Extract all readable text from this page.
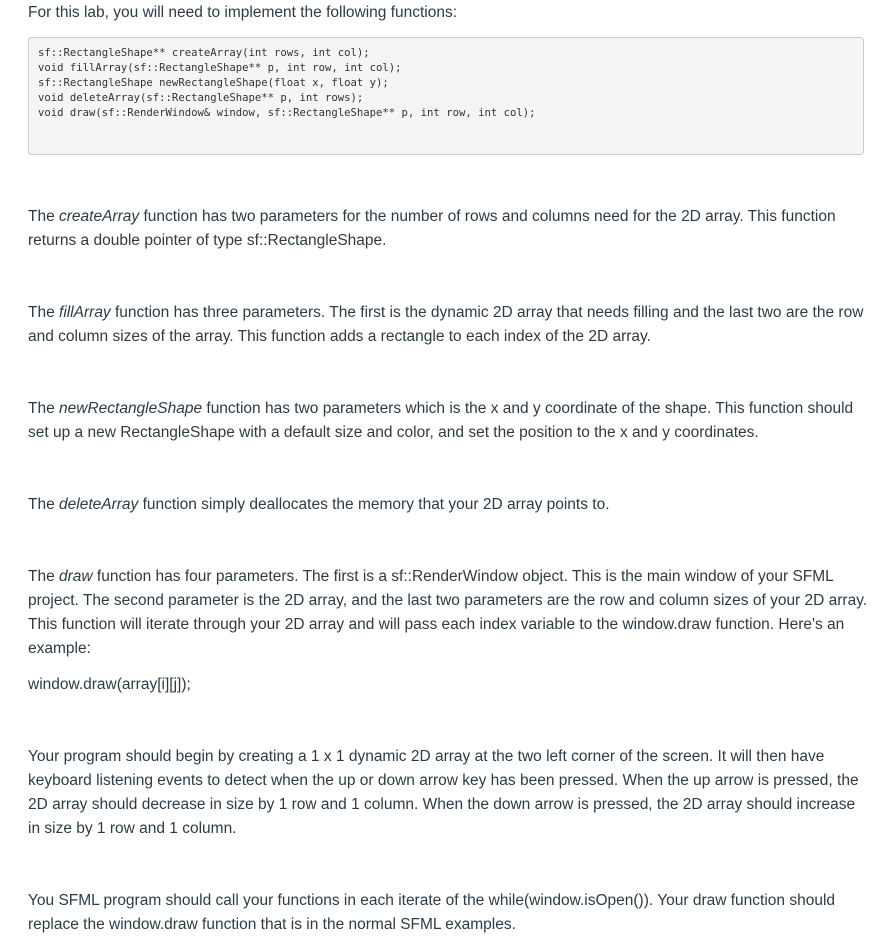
For this lab, you will need to implement the following functions:

sf::RectangleShape** createArray(int rows, int col);
void fillArray(sf::RectangleShape** p, int row, int col);
sf::RectangleShape newRectangleShape(float x, float y);
void deleteArray(sf::RectangleShape** p, int rows);
void draw(sf::RenderWindow& window, sf::RectangleShape** p, int row, int col);

The createArray function has two parameters for the number of rows and columns need for the 2D array. This function returns a double pointer of type sf::RectangleShape.

The fillArray function has three parameters. The first is the dynamic 2D array that needs filling and the last two are the row and column sizes of the array. This function adds a rectangle to each index of the 2D array.

The newRectangleShape function has two parameters which is the x and y coordinate of the shape. This function should set up a new RectangleShape with a default size and color, and set the position to the x and y coordinates.

The deleteArray function simply deallocates the memory that your 2D array points to.

The draw function has four parameters. The first is a sf::RenderWindow object. This is the main window of your SFML project. The second parameter is the 2D array, and the last two parameters are the row and column sizes of your 2D array. This function will iterate through your 2D array and will pass each index variable to the window.draw function. Here's an example:

window.draw(array[i][j]);

Your program should begin by creating a 1 x 1 dynamic 2D array at the two left corner of the screen. It will then have keyboard listening events to detect when the up or down arrow key has been pressed. When the up arrow is pressed, the 2D array should decrease in size by 1 row and 1 column. When the down arrow is pressed, the 2D array should increase in size by 1 row and 1 column.

You SFML program should call your functions in each iterate of the while(window.isOpen()). Your draw function should replace the window.draw function that is in the normal SFML examples.
